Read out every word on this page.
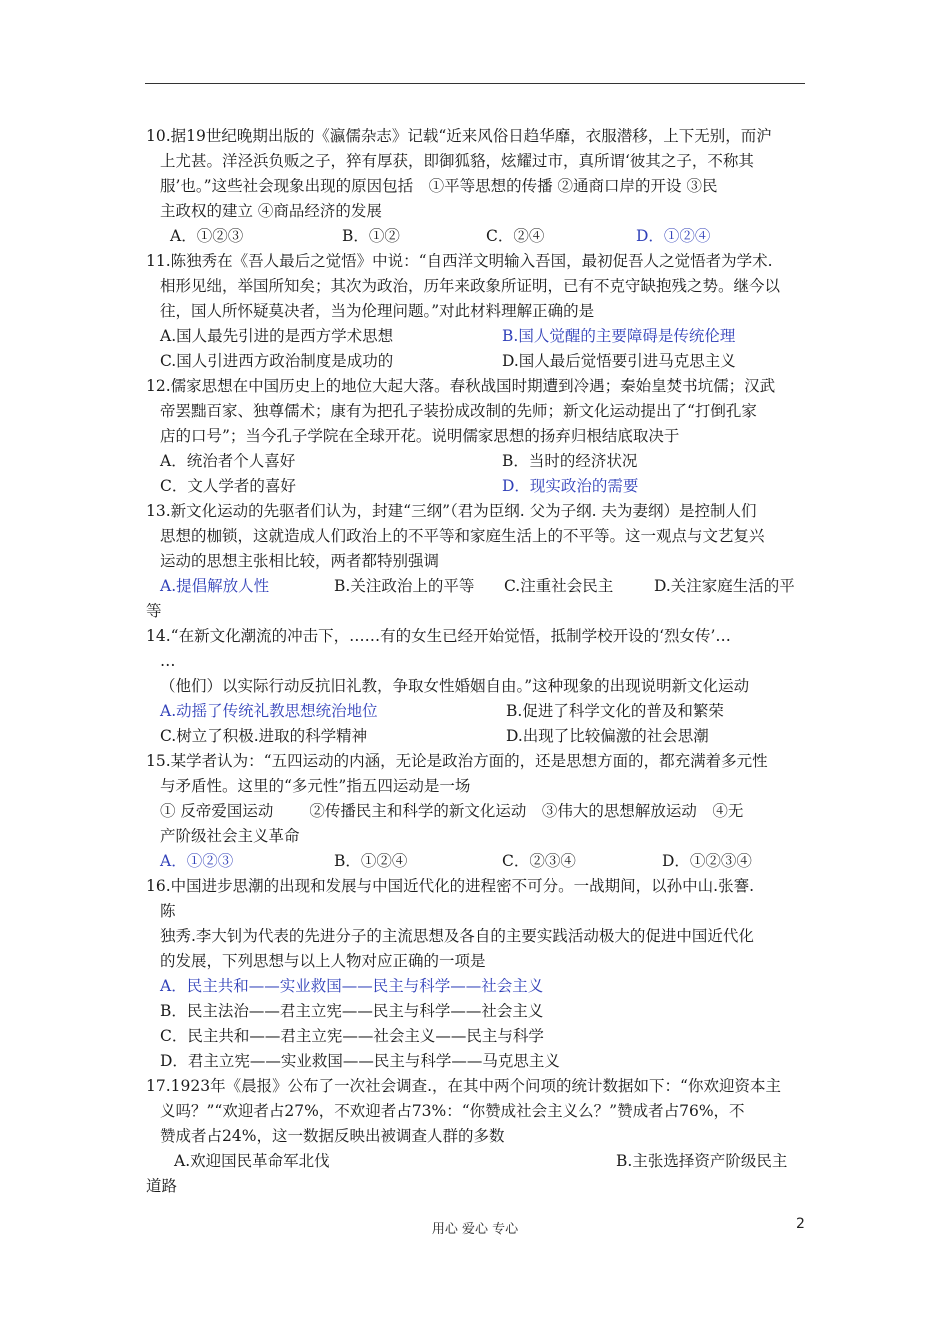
10.据19世纪晚期出版的《瀛儒杂志》记载“近来风俗日趋华靡，衣服潜移，上下无别，而沪
上尤甚。洋泾浜负贩之子，猝有厚获，即御狐貉，炫耀过市，真所谓‘彼其之子，不称其
服’也。”这些社会现象出现的原因包括　①平等思想的传播 ②通商口岸的开设 ③民
主政权的建立 ④商品经济的发展
A．①②③	B．①②	C．②④	D．①②④
11.陈独秀在《吾人最后之觉悟》中说：“自西洋文明输入吾国，最初促吾人之觉悟者为学术.
相形见绌，举国所知矣；其次为政治，历年来政象所证明，已有不克守缺抱残之势。继今以
往，国人所怀疑莫决者，当为伦理问题。”对此材料理解正确的是
A.国人最先引进的是西方学术思想	B.国人觉醒的主要障碍是传统伦理
C.国人引进西方政治制度是成功的	D.国人最后觉悟要引进马克思主义
12.儒家思想在中国历史上的地位大起大落。春秋战国时期遭到冷遇；秦始皇焚书坑儒；汉武
帝罢黜百家、独尊儒术；康有为把孔子装扮成改制的先师；新文化运动提出了“打倒孔家
店的口号”；当今孔子学院在全球开花。说明儒家思想的扬弃归根结底取决于
A．统治者个人喜好	B．当时的经济状况
C．文人学者的喜好	D．现实政治的需要
13.新文化运动的先驱者们认为，封建“三纲”（君为臣纲. 父为子纲. 夫为妻纲）是控制人们
思想的枷锁，这就造成人们政治上的不平等和家庭生活上的不平等。这一观点与文艺复兴
运动的思想主张相比较，两者都特别强调
A.提倡解放人性	B.关注政治上的平等 C.注重社会民主	D.关注家庭生活的平
等
14.“在新文化潮流的冲击下，……有的女生已经开始觉悟，抵制学校开设的‘烈女传’…
…
（他们）以实际行动反抗旧礼教，争取女性婚姻自由。”这种现象的出现说明新文化运动
A.动摇了传统礼教思想统治地位	B.促进了科学文化的普及和繁荣
C.树立了积极.进取的科学精神	D.出现了比较偏激的社会思潮
15.某学者认为：“五四运动的内涵，无论是政治方面的，还是思想方面的，都充满着多元性
与矛盾性。这里的“多元性”指五四运动是一场
① 反帝爱国运动　　 ②传播民主和科学的新文化运动　③伟大的思想解放运动　④无
产阶级社会主义革命
A．①②③	B．①②④	C．②③④	D．①②③④
16.中国进步思潮的出现和发展与中国近代化的进程密不可分。一战期间，以孙中山.张謇.
陈
独秀.李大钊为代表的先进分子的主流思想及各自的主要实践活动极大的促进中国近代化
的发展，下列思想与以上人物对应正确的一项是
A．民主共和——实业救国——民主与科学——社会主义
B．民主法治——君主立宪——民主与科学——社会主义
C．民主共和——君主立宪——社会主义——民主与科学
D．君主立宪——实业救国——民主与科学——马克思主义
17.1923年《晨报》公布了一次社会调查.，在其中两个问项的统计数据如下：“你欢迎资本主
义吗？”“欢迎者占27%，不欢迎者占73%：“你赞成社会主义么？”赞成者占76%，不
赞成者占24%，这一数据反映出被调查人群的多数
A.欢迎国民革命军北伐	B.主张选择资产阶级民主
道路
用心 爱心 专心	2
